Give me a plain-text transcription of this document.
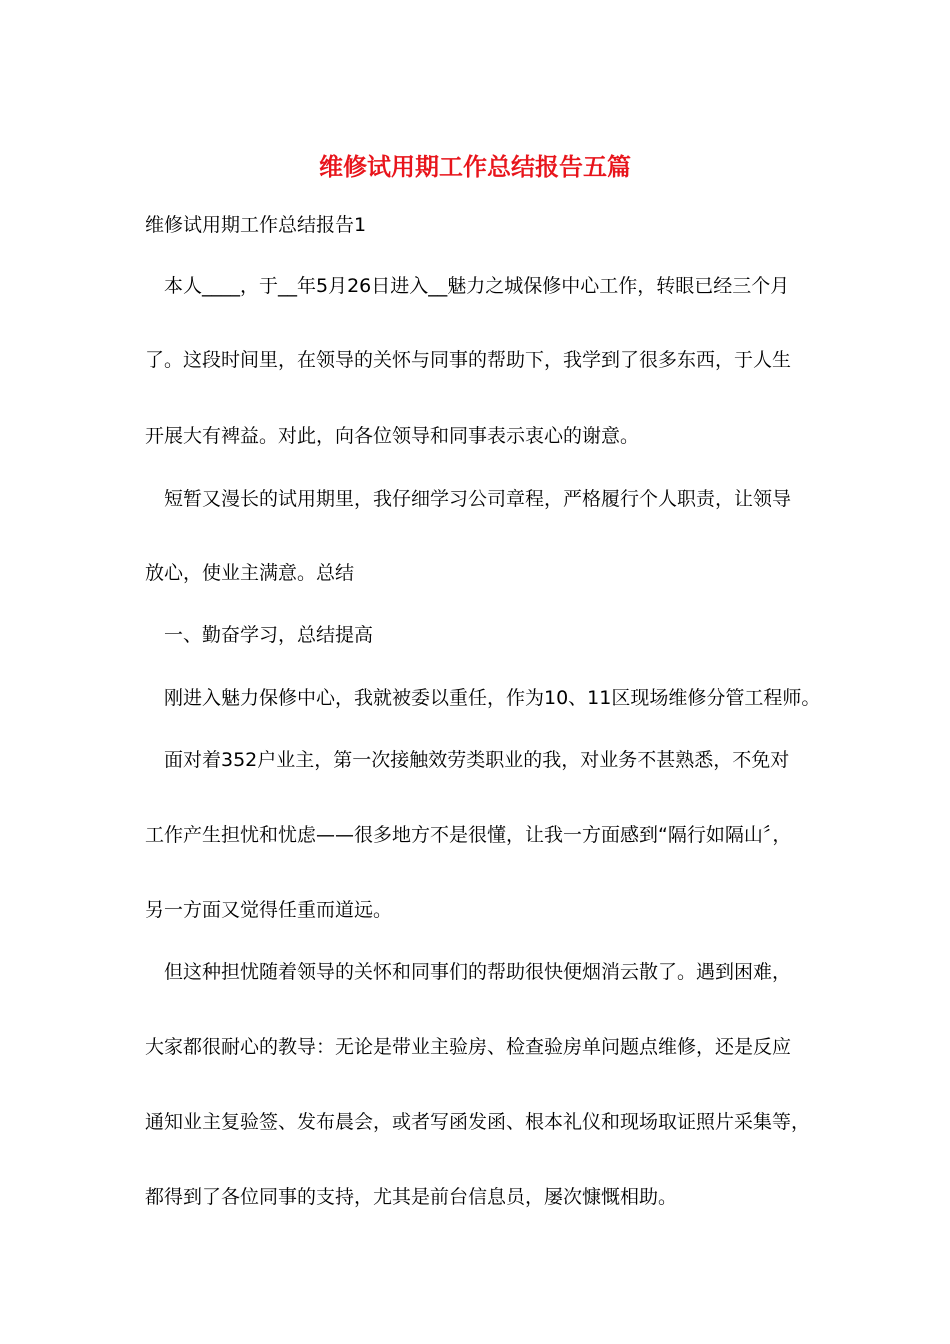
维修试用期工作总结报告五篇

维修试用期工作总结报告1

本人____，于__年5月26日进入__魅力之城保修中心工作，转眼已经三个月

了。这段时间里，在领导的关怀与同事的帮助下，我学到了很多东西，于人生

开展大有裨益。对此，向各位领导和同事表示衷心的谢意。

短暂又漫长的试用期里，我仔细学习公司章程，严格履行个人职责，让领导

放心，使业主满意。总结

一、勤奋学习，总结提高

刚进入魅力保修中心，我就被委以重任，作为10、11区现场维修分管工程师。

面对着352户业主，第一次接触效劳类职业的我，对业务不甚熟悉，不免对

工作产生担忧和忧虑——很多地方不是很懂，让我一方面感到“隔行如隔山〞，

另一方面又觉得任重而道远。

但这种担忧随着领导的关怀和同事们的帮助很快便烟消云散了。遇到困难，

大家都很耐心的教导：无论是带业主验房、检查验房单问题点维修，还是反应

通知业主复验签、发布晨会，或者写函发函、根本礼仪和现场取证照片采集等，

都得到了各位同事的支持，尤其是前台信息员，屡次慷慨相助。
